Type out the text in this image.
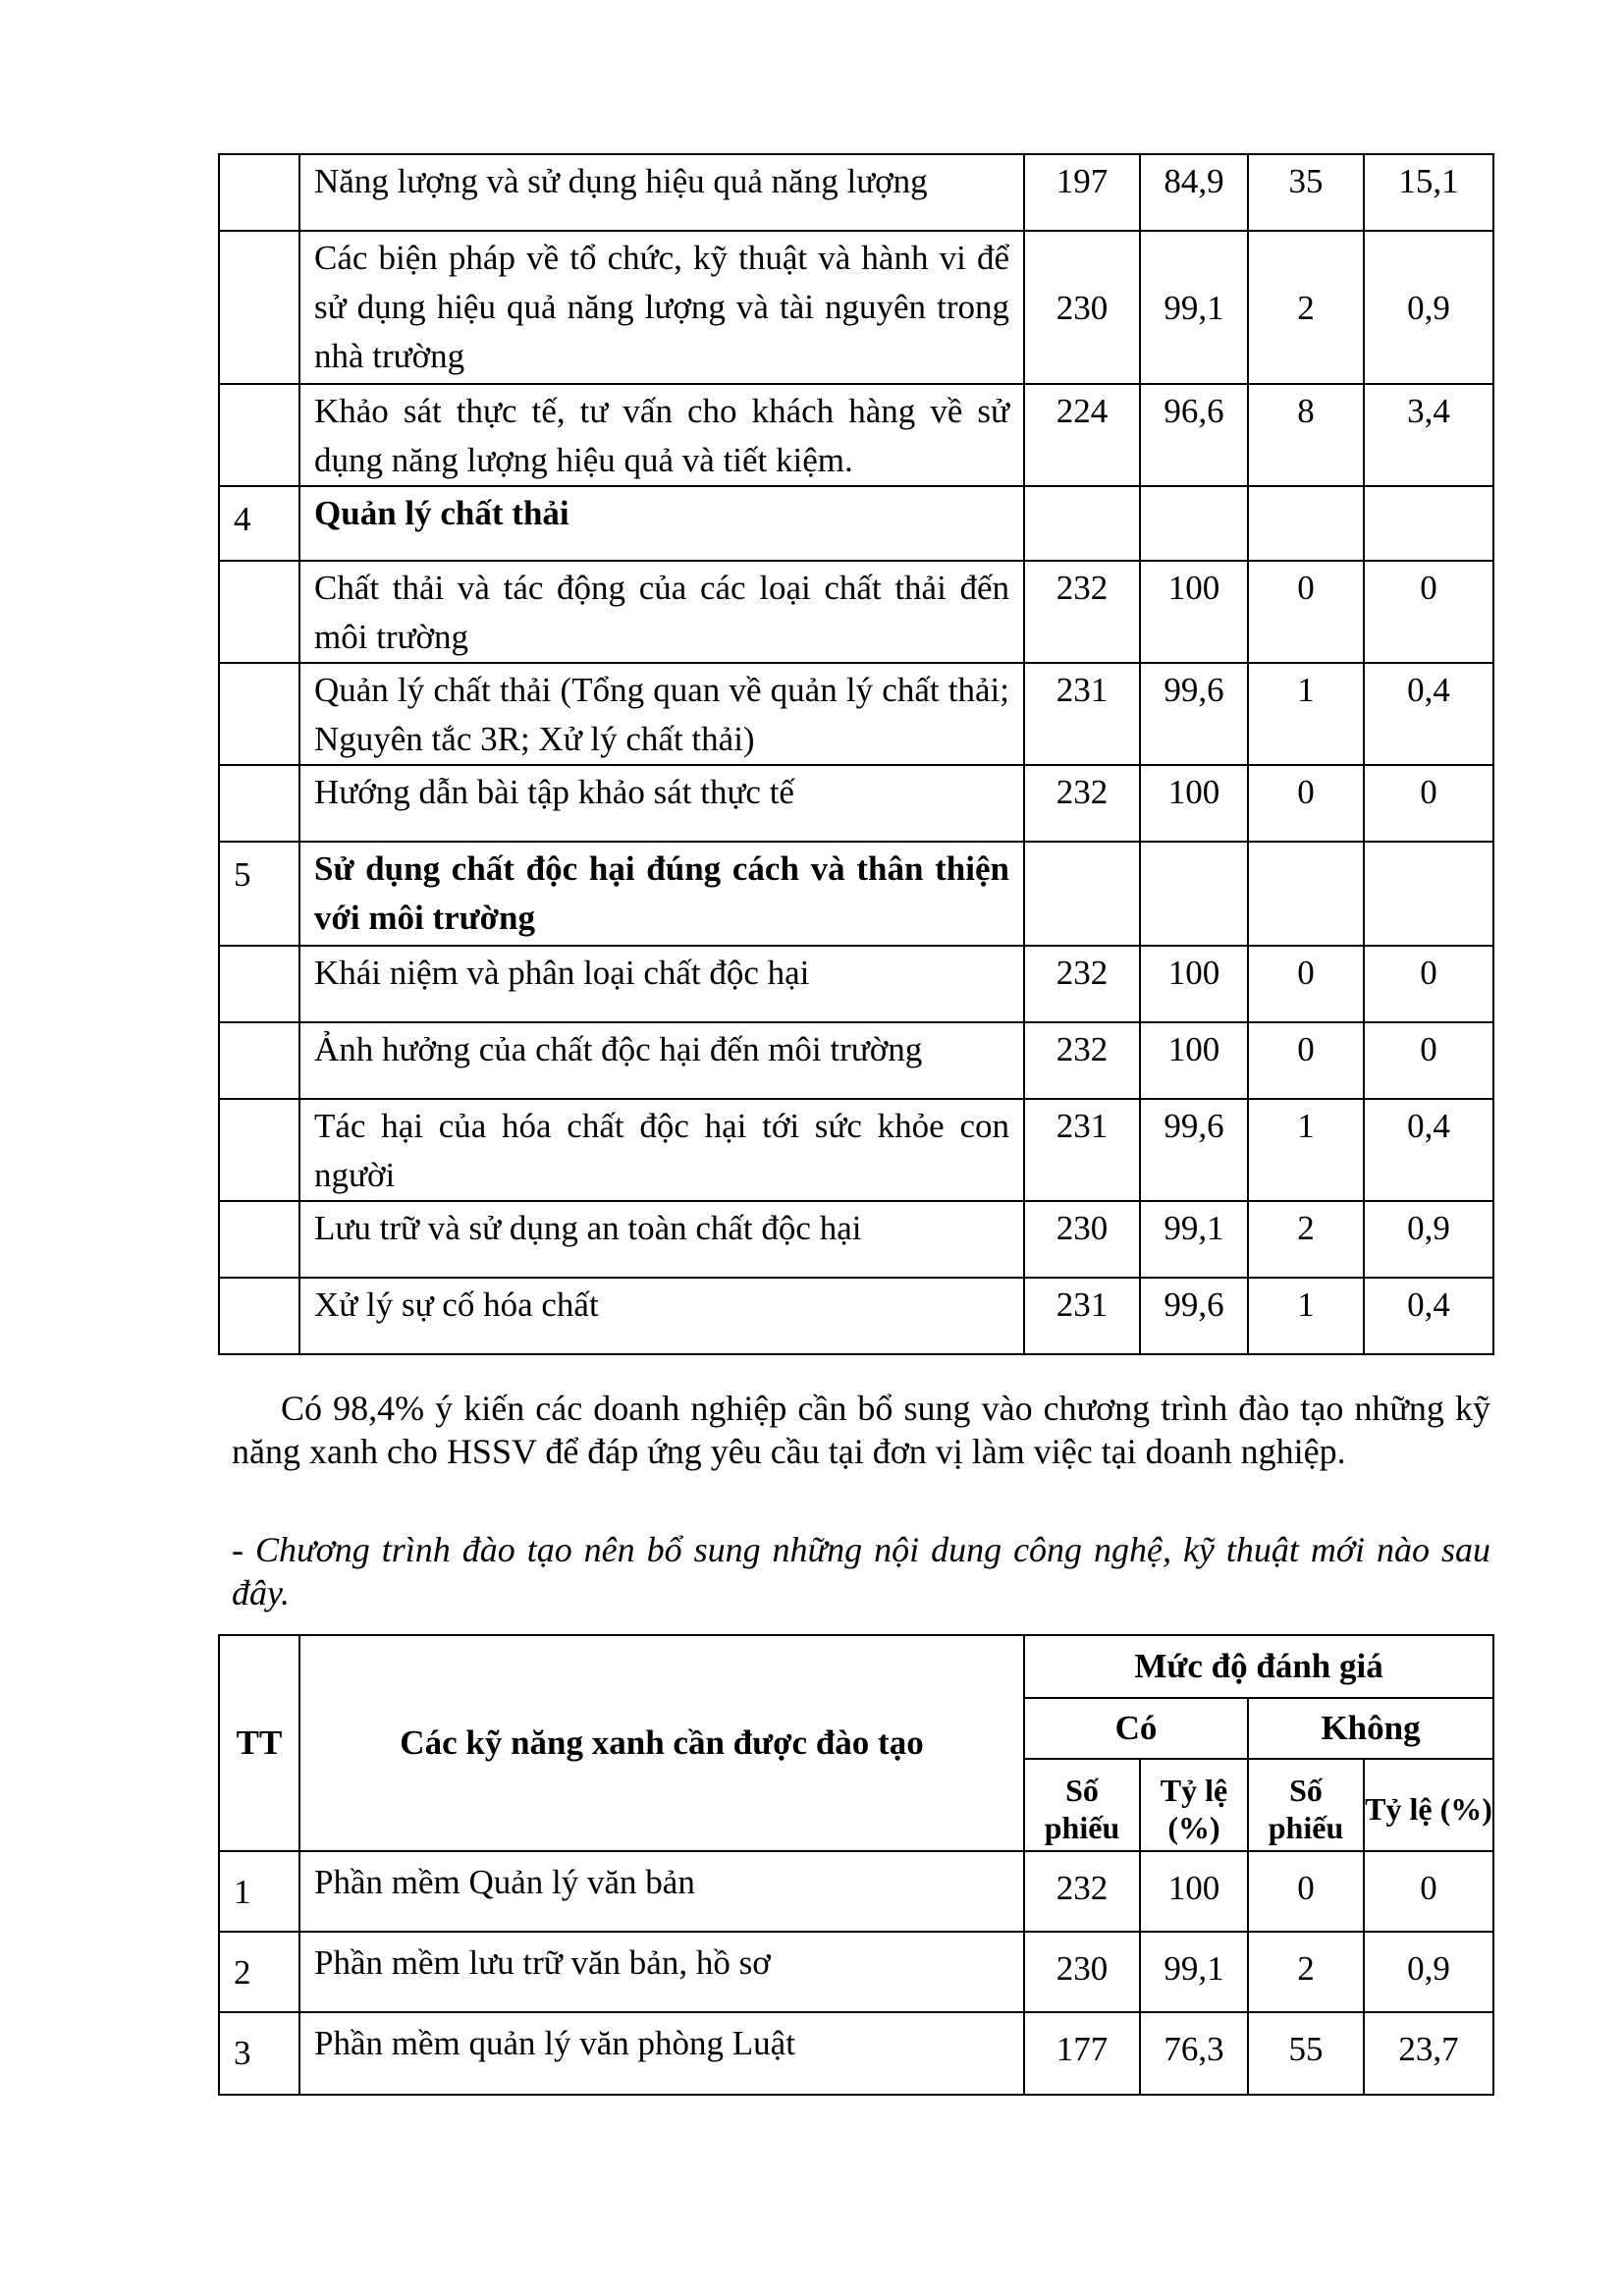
	Năng lượng và sử dụng hiệu quả năng lượng	197	84,9	35	15,1
	Các biện pháp về tổ chức, kỹ thuật và hành vi để sử dụng hiệu quả năng lượng và tài nguyên trong nhà trường	230	99,1	2	0,9
	Khảo sát thực tế, tư vấn cho khách hàng về sử dụng năng lượng hiệu quả và tiết kiệm.	224	96,6	8	3,4
4	Quản lý chất thải				
	Chất thải và tác động của các loại chất thải đến môi trường	232	100	0	0
	Quản lý chất thải (Tổng quan về quản lý chất thải; Nguyên tắc 3R; Xử lý chất thải)	231	99,6	1	0,4
	Hướng dẫn bài tập khảo sát thực tế	232	100	0	0
5	Sử dụng chất độc hại đúng cách và thân thiện với môi trường				
	Khái niệm và phân loại chất độc hại	232	100	0	0
	Ảnh hưởng của chất độc hại đến môi trường	232	100	0	0
	Tác hại của hóa chất độc hại tới sức khỏe con người	231	99,6	1	0,4
	Lưu trữ và sử dụng an toàn chất độc hại	230	99,1	2	0,9
	Xử lý sự cố hóa chất	231	99,6	1	0,4
Có 98,4% ý kiến các doanh nghiệp cần bổ sung vào chương trình đào tạo những kỹ năng xanh cho HSSV để đáp ứng yêu cầu tại đơn vị làm việc tại doanh nghiệp.
- Chương trình đào tạo nên bổ sung những nội dung công nghệ, kỹ thuật mới nào sau đây.
TT	Các kỹ năng xanh cần được đào tạo	Mức độ đánh giá			
		Có		Không	
		Số phiếu	Tỷ lệ (%)	Số phiếu	Tỷ lệ (%)
1	Phần mềm Quản lý văn bản	232	100	0	0
2	Phần mềm lưu trữ văn bản, hồ sơ	230	99,1	2	0,9
3	Phần mềm quản lý văn phòng Luật	177	76,3	55	23,7
